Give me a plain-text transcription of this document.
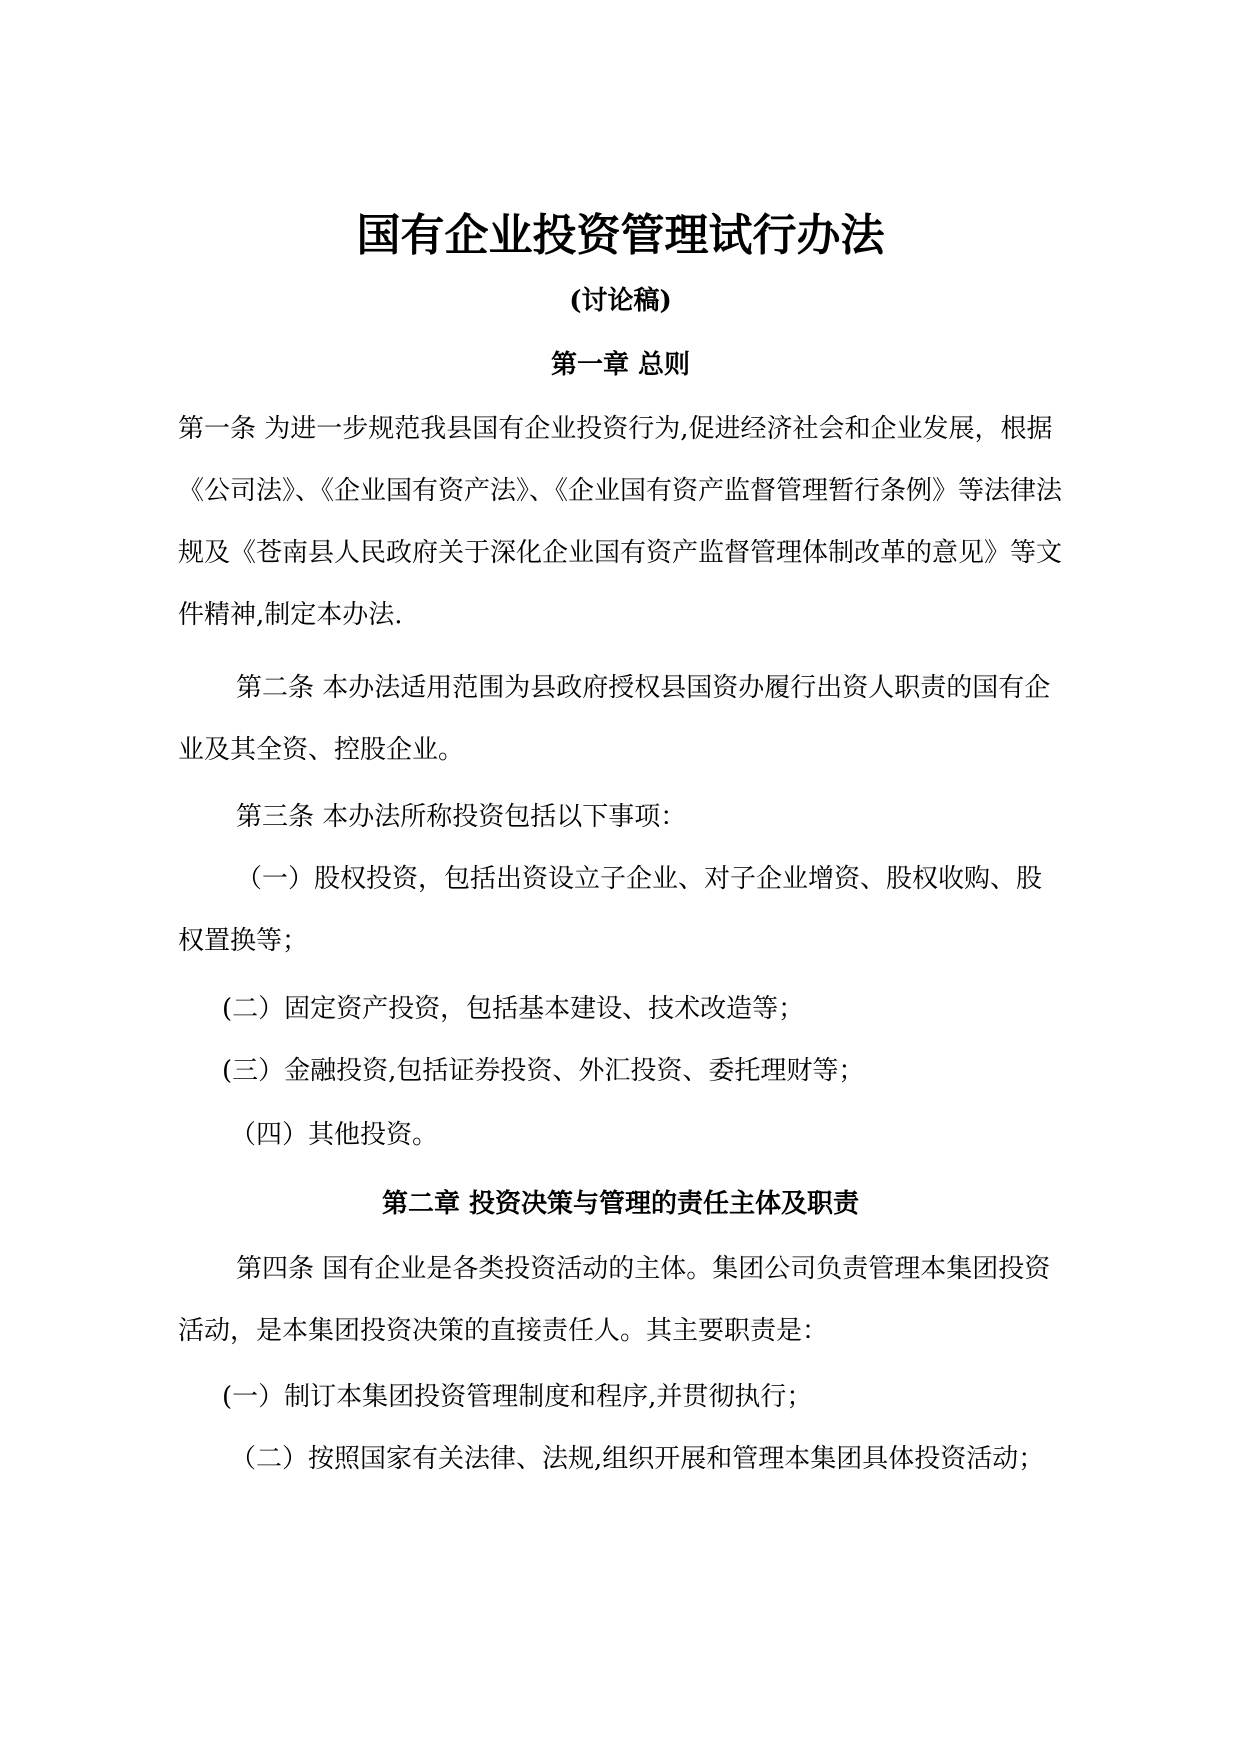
国有企业投资管理试行办法
(讨论稿)
第一章 总则
第一条 为进一步规范我县国有企业投资行为,促进经济社会和企业发展，根据《公司法》、《企业国有资产法》、《企业国有资产监督管理暂行条例》等法律法规及《苍南县人民政府关于深化企业国有资产监督管理体制改革的意见》等文件精神,制定本办法.
第二条 本办法适用范围为县政府授权县国资办履行出资人职责的国有企业及其全资、控股企业。
第三条 本办法所称投资包括以下事项：
（一）股权投资，包括出资设立子企业、对子企业增资、股权收购、股权置换等；
(二）固定资产投资，包括基本建设、技术改造等；
(三）金融投资,包括证券投资、外汇投资、委托理财等；
（四）其他投资。
第二章 投资决策与管理的责任主体及职责
第四条 国有企业是各类投资活动的主体。集团公司负责管理本集团投资活动，是本集团投资决策的直接责任人。其主要职责是：
(一）制订本集团投资管理制度和程序,并贯彻执行；
（二）按照国家有关法律、法规,组织开展和管理本集团具体投资活动；
